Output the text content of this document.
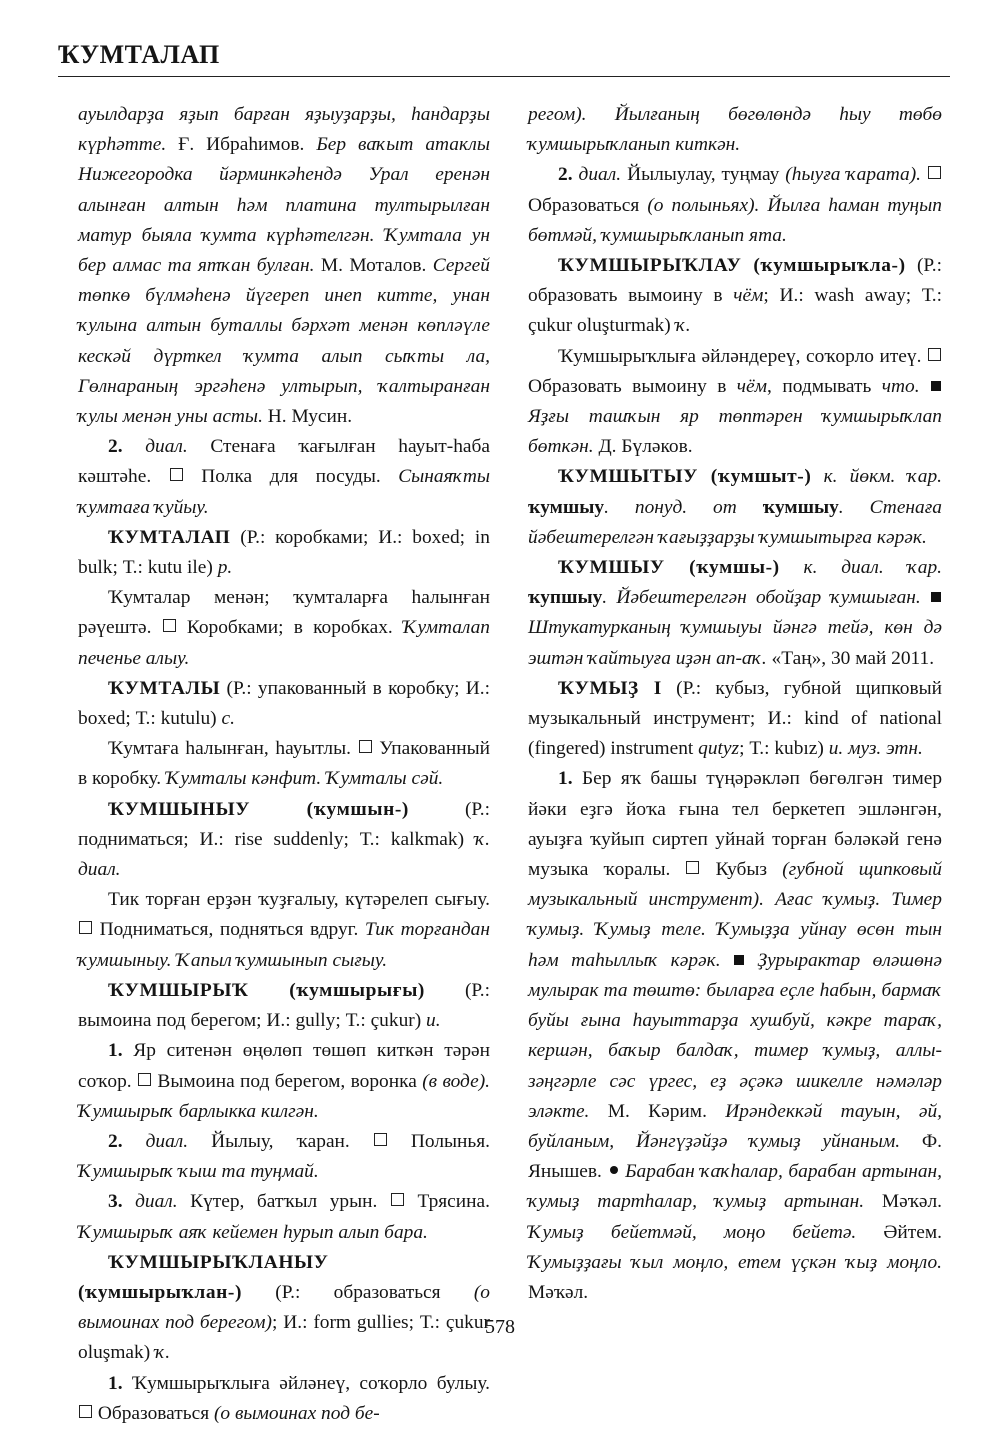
ҠУМТАЛАП

ауылдарҙа яҙып барған яҙыуҙарҙы, һандарҙы күрһәтте. Ғ. Ибраһимов. Бер ваҡыт атаклы Нижегородка йәрминкәһендә Урал еренән алынған алтын һәм платина тултырылған матур быяла ҡумта күрһәтелгән. Ҡумтала ун бер алмас та ятҡан булған. М. Моталов. Сергей төпкө бүлмәһенә йүгереп инеп китте, унан ҡулына алтын буталлы бәрхәт менән көпләүле кескәй дүрткел ҡумта алып сыҡты ла, Гөлнараның эргәһенә ултырып, ҡалтыранған ҡулы менән уны асты. Н. Мусин.

2. диал. Стенаға ҡағылған һауыт-һаба кәштәһе.  Полка для посуды. Сынаяҡты ҡумтаға ҡуйыу.

ҠУМТАЛАП (Р.: коробками; И.: boxed; in bulk; Т.: kutu ile) р.

Ҡумталар менән; ҡумталарға һалынған рәүештә.  Коробками; в коробках. Ҡумталап печенье алыу.

ҠУМТАЛЫ (Р.: упакованный в коробку; И.: boxed; Т.: kutulu) с.

Ҡумтаға һалынған, һауытлы.  Упакованный в коробку. Ҡумталы кәнфит. Ҡумталы сәй.

ҠУМШЫНЫУ (ҡумшын-) (Р.: подниматься; И.: rise suddenly; Т.: kalkmak) ҡ. диал.

Тик торған ерҙән ҡуҙғалыу, күтәрелеп сығыу.  Подниматься, подняться вдруг. Тик торғандан ҡумшыныу. Ҡапыл ҡумшынып сығыу.

ҠУМШЫРЫҠ (ҡумшырығы) (Р.: вымоина под берегом; И.: gully; Т.: çukur) и.

1. Яр ситенән өңөлөп төшөп киткән тәрән соҡор.  Вымоина под берегом, воронка (в воде). Ҡумшырыҡ барлыкка килгән.

2. диал. Йылыу, ҡаран.  Полынья. Ҡумшырыҡ ҡыш та туңмай.

3. диал. Күтер, батҡыл урын.  Трясина. Ҡумшырыҡ аяҡ кейемен һурып алып бара.

ҠУМШЫРЫҠЛАНЫУ (ҡумшырыҡлан-) (Р.: образоваться (о вымоинах под берегом); И.: form gullies; Т.: çukur oluşmak) ҡ.

1. Ҡумшырыҡлыға әйләнеү, соҡорло булыу.  Образоваться (о вымоинах под бе-

регом). Йылғаның бөгөлөндә һыу төбө ҡумшырыҡланып киткән.

2. диал. Йылыулау, туңмау (һыуға ҡарата).  Образоваться (о полыньях). Йылға һаман туңып бөтмәй, ҡумшырыҡланып ята.

ҠУМШЫРЫҠЛАУ (ҡумшырыҡла-) (Р.: образовать вымоину в чём; И.: wash away; Т.: çukur oluşturmak) ҡ.

Ҡумшырыҡлыға әйләндереү, соҡорло итеү.  Образовать вымоину в чём, подмывать что.  Яҙғы ташҡын яр төптәрен ҡумшырыҡлап бөткән. Д. Бүләков.

ҠУМШЫТЫУ (ҡумшыт-) к. йөкм. ҡар. ҡумшыу. понуд. от ҡумшыу. Стенаға йәбештерелгән ҡағыҙҙарҙы ҡумшытырға кәрәк.

ҠУМШЫУ (ҡумшы-) к. диал. ҡар. ҡупшыу. Йәбештерелгән обойҙар ҡумшыған.  Штукатурканың ҡумшыуы йәнгә тейә, көн дә эштән ҡайтыуға иҙән ап-аҡ. «Таң», 30 май 2011.

ҠУМЫҘ I (Р.: кубыз, губной щипковый музыкальный инструмент; И.: kind of national (fingered) instrument qutyz; Т.: kubız) и. муз. этн.

1. Бер яҡ башы түңәрәкләп бөгөлгән тимер йәки еҙгә йоҡа ғына тел беркетеп эшләнгән, ауыҙға ҡуйып сиртеп уйнай торған бәләкәй генә музыка ҡоралы.  Кубыз (губной щипковый музыкальный инструмент). Ағас ҡумыҙ. Тимер ҡумыҙ. Ҡумыҙ теле. Ҡумыҙҙа уйнау өсөн тын һәм таһыллыҡ кәрәк.  Ҙурырактар өләшөнә мулырак та төштө: быларға еҫле һабын, бармаҡ буйы ғына һауыттарҙа хушбуй, кәкре тараҡ, кершән, баҡыр балдаҡ, тимер ҡумыҙ, аллы-зәңгәрле сәс үргес, еҙ әҫәкә шикелле нәмәләр эләкте. М. Кәрим. Ирәндеккәй тауын, әй, буйланым, Йәнгүҙәйҙә ҡумыҙ уйнаным. Ф. Янышев.  Барабан ҡаҡһалар, барабан артынан, ҡумыҙ тартһалар, ҡумыҙ артынан. Мәҡәл. Ҡумыҙ бейетмәй, моңо бейетә. Әйтем. Ҡумыҙҙағы ҡыл моңло, етем үҫкән ҡыҙ моңло. Мәҡәл.

578
